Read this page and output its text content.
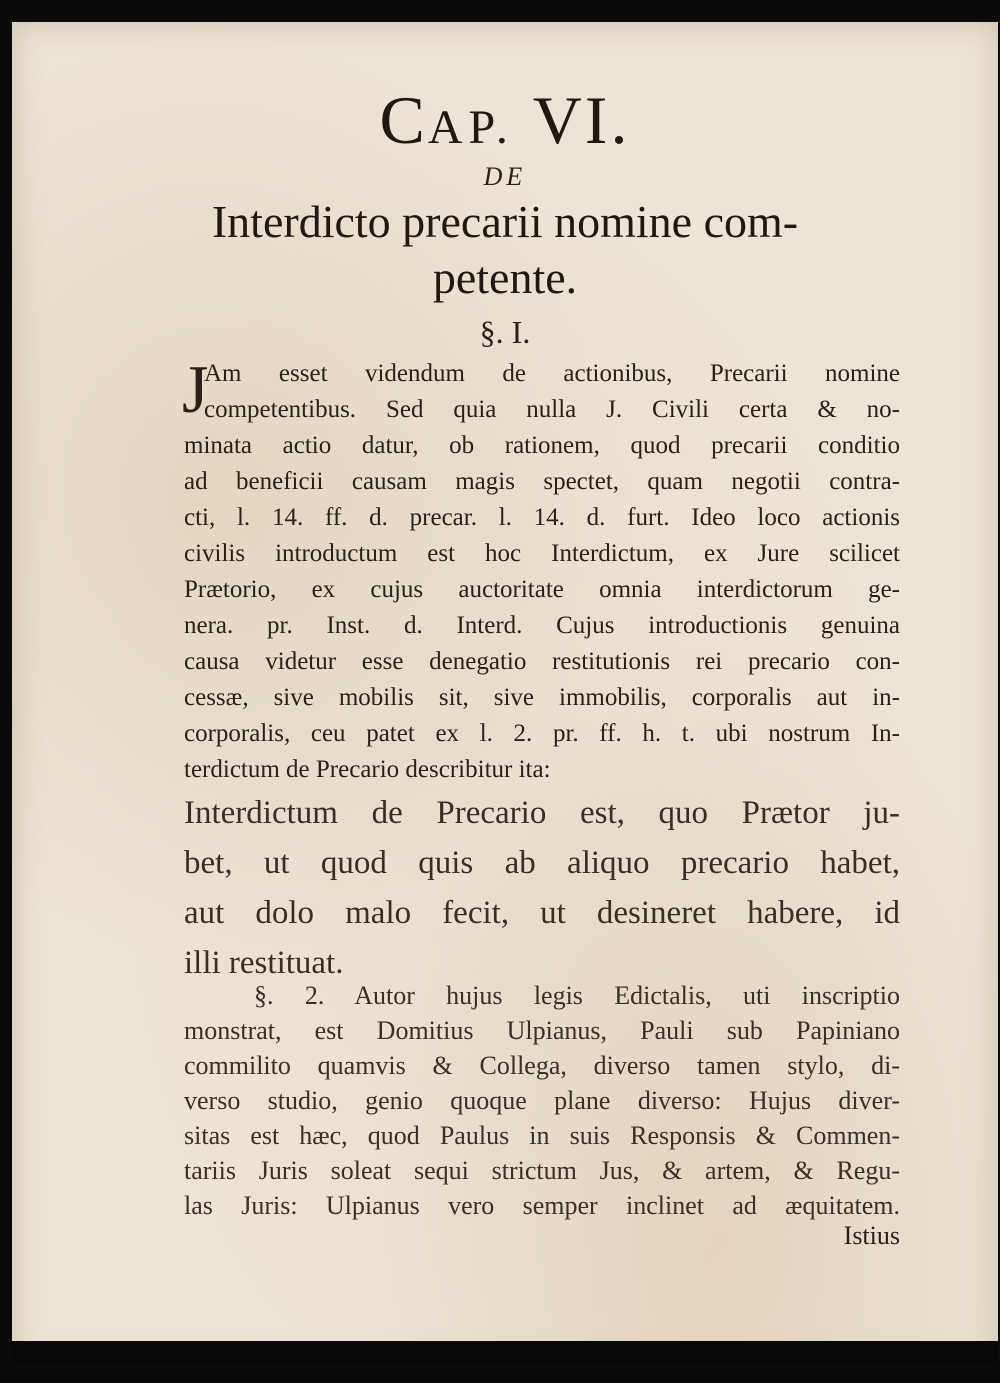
CAP. VI.
DE
Interdicto precarii nomine com-
petente.
§. I.
J
Am esset videndum de actionibus, Precarii nomine
competentibus. Sed quia nulla J. Civili certa & no-
minata actio datur, ob rationem, quod precarii conditio
ad beneficii causam magis spectet, quam negotii contra-
cti, l. 14. ff. d. precar. l. 14. d. furt. Ideo loco actionis
civilis introductum est hoc Interdictum, ex Jure scilicet
Prætorio, ex cujus auctoritate omnia interdictorum ge-
nera. pr. Inst. d. Interd. Cujus introductionis genuina
causa videtur esse denegatio restitutionis rei precario con-
cessæ, sive mobilis sit, sive immobilis, corporalis aut in-
corporalis, ceu patet ex l. 2. pr. ff. h. t. ubi nostrum In-
terdictum de Precario describitur ita:
Interdictum de Precario est, quo Prætor ju-
bet, ut quod quis ab aliquo precario habet,
aut dolo malo fecit, ut desineret habere, id
illi restituat.
§. 2. Autor hujus legis Edictalis, uti inscriptio
monstrat, est Domitius Ulpianus, Pauli sub Papiniano
commilito quamvis & Collega, diverso tamen stylo, di-
verso studio, genio quoque plane diverso: Hujus diver-
sitas est hæc, quod Paulus in suis Responsis & Commen-
tariis Juris soleat sequi strictum Jus, & artem, & Regu-
las Juris: Ulpianus vero semper inclinet ad æquitatem.
Istius
